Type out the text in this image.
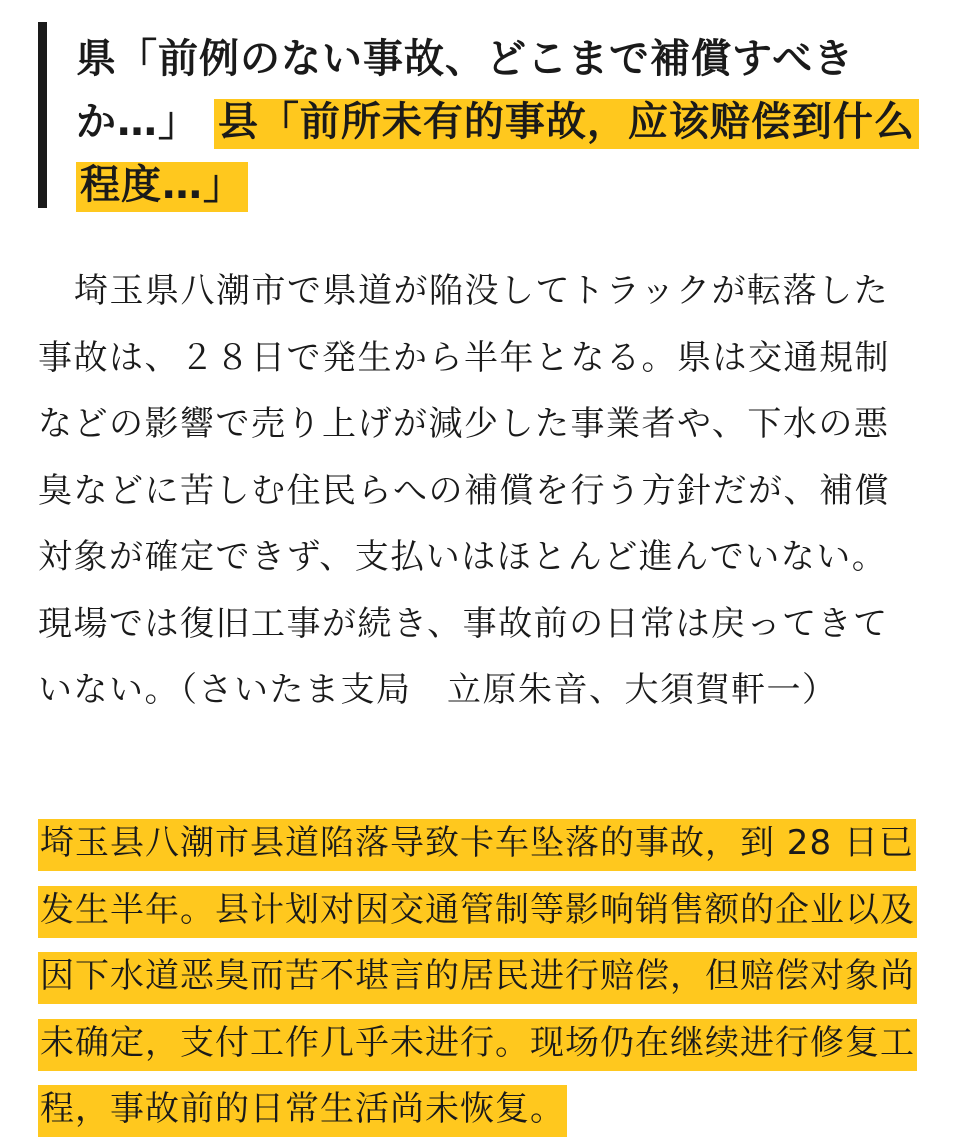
県「前例のない事故、どこまで補償すべきか…」 县「前所未有的事故，应该赔偿到什么程度…」

埼玉県八潮市で県道が陥没してトラックが転落した事故は、２８日で発生から半年となる。県は交通規制などの影響で売り上げが減少した事業者や、下水の悪臭などに苦しむ住民らへの補償を行う方針だが、補償対象が確定できず、支払いはほとんど進んでいない。現場では復旧工事が続き、事故前の日常は戻ってきていない。（さいたま支局　立原朱音、大須賀軒一）

埼玉县八潮市县道陷落导致卡车坠落的事故，到 28 日已发生半年。县计划对因交通管制等影响销售额的企业以及因下水道恶臭而苦不堪言的居民进行赔偿，但赔偿对象尚未确定，支付工作几乎未进行。现场仍在继续进行修复工程，事故前的日常生活尚未恢复。
